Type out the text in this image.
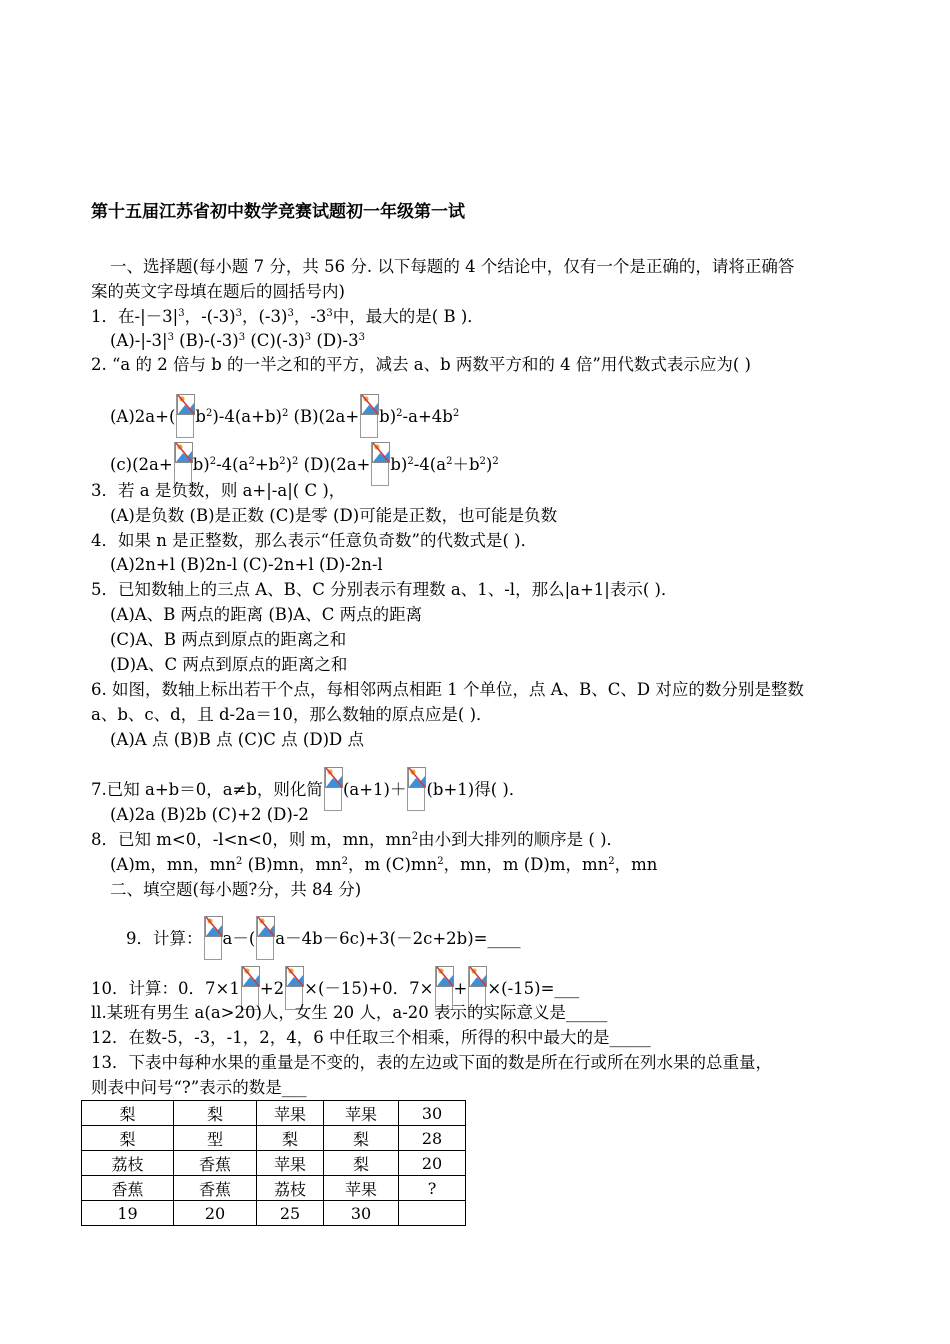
第十五届江苏省初中数学竞赛试题初一年级第一试
一、选择题(每小题 7 分，共 56 分. 以下每题的 4 个结论中，仅有一个是正确的，请将正确答
案的英文字母填在题后的圆括号内)
1．在$-|-3|^3$，$-(-3)^3$，$(-3)^3$，$-3^3$中，最大的是( B )．
$(A)-|-3|^3$ $(B)-(-3)^3$ $(C)(-3)^3$ $(D)-3^3$
2. “a 的 2 倍与 b 的一半之和的平方，减去 a、b 两数平方和的 4 倍”用代数式表示应为( )
(A)2a+( $b^2)-4(a+b)^2$ $(B)(2a+ b)^2-a+4b^2$
$(c)(2a+ b)^2-4(a^2+b^2)^2$ $(D)(2a+ b)^2-4(a^2+b^2)^2$
3．若 a 是负数，则 a+|-a|( C )，
(A)是负数 (B)是正数 (C)是零 (D)可能是正数，也可能是负数
4．如果 n 是正整数，那么表示“任意负奇数”的代数式是( )．
(A)2n+l (B)2n-l (C)-2n+l (D)-2n-l
5．已知数轴上的三点 A、B、C 分别表示有理数 a、1、-l，那么|a+1|表示( )．
(A)A、B 两点的距离 (B)A、C 两点的距离
(C)A、B 两点到原点的距离之和
(D)A、C 两点到原点的距离之和
6. 如图，数轴上标出若干个点，每相邻两点相距 1 个单位，点 A、B、C、D 对应的数分别是整数
a、b、c、d，且 d-2a＝10，那么数轴的原点应是( )．
(A)A 点 (B)B 点 (C)C 点 (D)D 点
7.已知 a+b＝0，a≠b，则化简 (a+1)＋ (b+1)得( )．
(A)2a (B)2b (C)+2 (D)-2
8．已知 m<0，-l<n<0，则 m，mn，$mn^2$由小到大排列的顺序是 ( )．
(A)m，mn，$mn^2$ (B)mn，$mn^2$，m $(C)mn^2$，mn，m (D)m，$mn^2$，mn
二、填空题(每小题?分，共 84 分)
9．计算： a－( a－4b－6c)+3(－2c+2b)=____
10．计算：0．7×1 +2 ×(－15)+0．7× + ×(-15)=___
ll.某班有男生 a(a>20)人，女生 20 人，a-20 表示的实际意义是_____
12．在数-5，-3，-1，2，4，6 中任取三个相乘，所得的积中最大的是_____
13．下表中每种水果的重量是不变的，表的左边或下面的数是所在行或所在列水果的总重量，
则表中问号“?”表示的数是___
梨	梨	苹果	苹果	30
梨	型	梨	梨	28
荔枝	香蕉	苹果	梨	20
香蕉	香蕉	荔枝	苹果	?
19	20	25	30	
